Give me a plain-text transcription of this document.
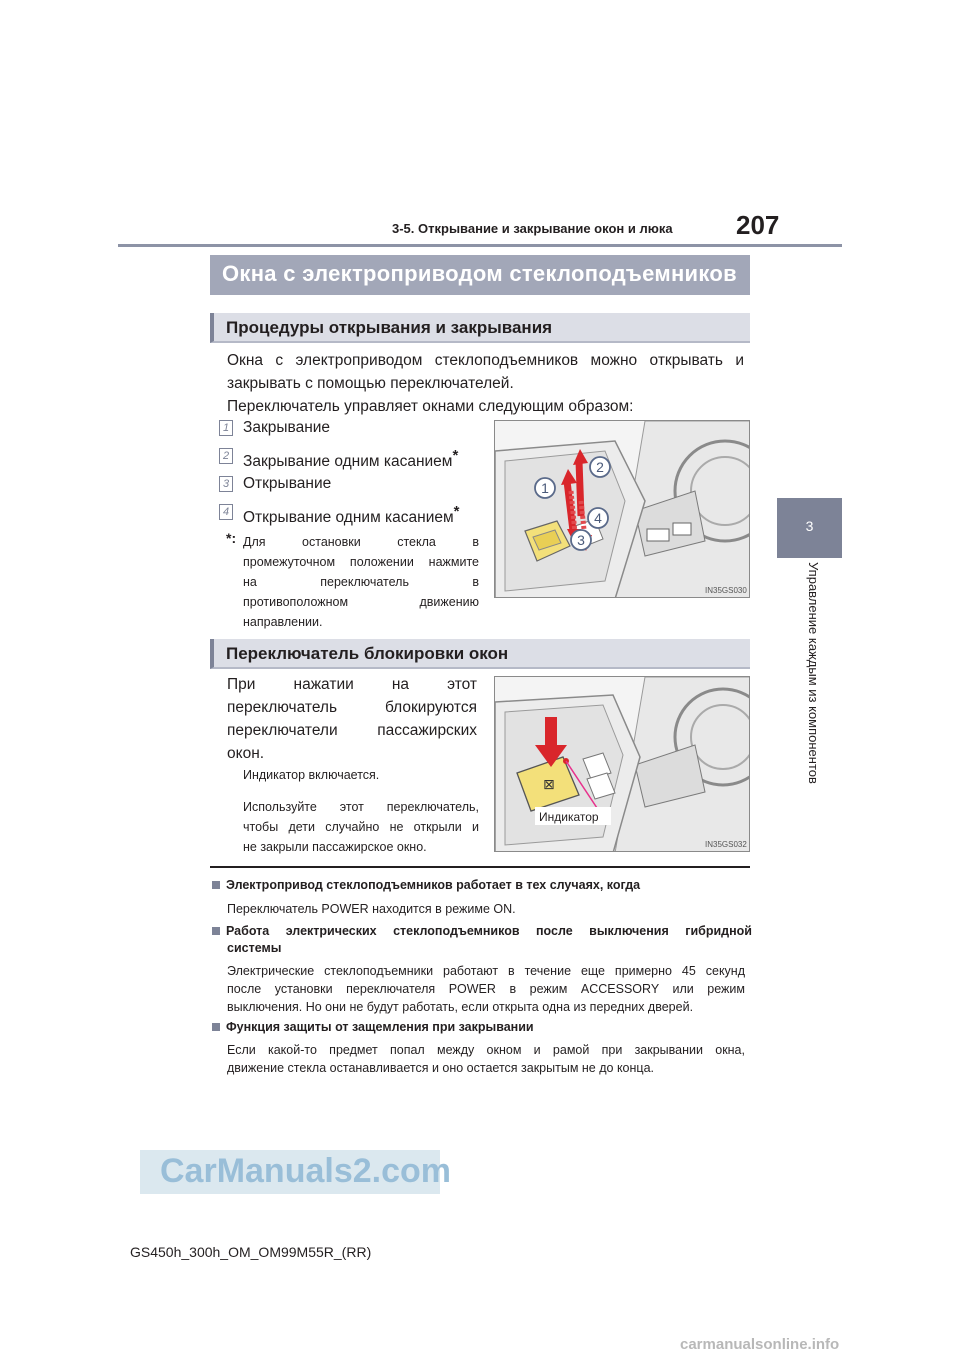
3-5. Открывание и закрывание окон и люка 207
3
Управление каждым из компонентов
Окна с электроприводом стеклоподъемников
Процедуры открывания и закрывания
Окна с электроприводом стеклоподъемников можно открывать и
закрывать с помощью переключателей.
Переключатель управляет окнами следующим образом:
1 Закрывание
2 Закрывание одним касанием*
3 Открывание
4 Открывание одним касанием*
*: Для остановки стекла в
промежуточном положении нажмите
на переключатель в
противоположном движению
направлении.
1
2
3
4
IN35GS030
Переключатель блокировки окон
При нажатии на этот
переключатель блокируются
переключатели пассажирских
окон.
Индикатор включается.
Используйте этот переключатель,
чтобы дети случайно не открыли и
не закрыли пассажирское окно.
⊠
Индикатор
IN35GS032
Электропривод стеклоподъемников работает в тех случаях, когда
Переключатель POWER находится в режиме ON.
Работа электрических стеклоподъемников после выключения гибридной
системы
Электрические стеклоподъемники работают в течение еще примерно 45 секунд
после установки переключателя POWER в режим ACCESSORY или режим
выключения. Но они не будут работать, если открыта одна из передних дверей.
Функция защиты от защемления при закрывании
Если какой-то предмет попал между окном и рамой при закрывании окна,
движение стекла останавливается и оно остается закрытым не до конца.
CarManuals2.com
GS450h_300h_OM_OM99M55R_(RR)
carmanualsonline.info
